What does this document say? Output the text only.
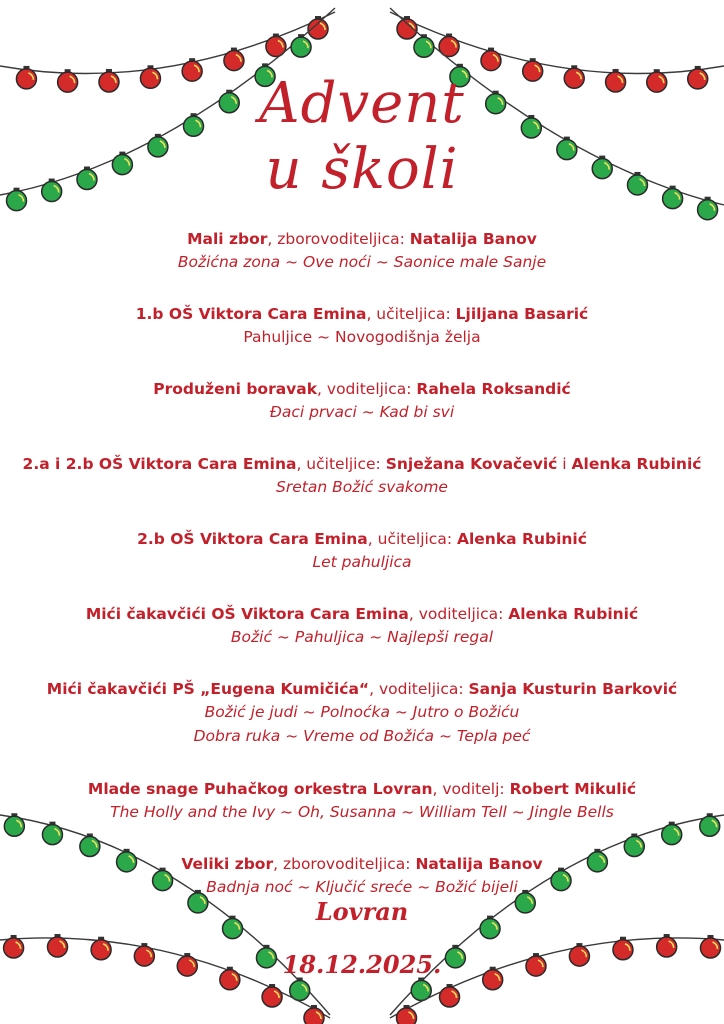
Advent
u školi
Mali zbor, zborovoditeljica: Natalija Banov
Božićna zona ~ Ove noći ~ Saonice male Sanje
1.b OŠ Viktora Cara Emina, učiteljica: Ljiljana Basarić
Pahuljice ~ Novogodišnja želja
Produženi boravak, voditeljica: Rahela Roksandić
Đaci prvaci ~ Kad bi svi
2.a i 2.b OŠ Viktora Cara Emina, učiteljice: Snježana Kovačević i Alenka Rubinić
Sretan Božić svakome
2.b OŠ Viktora Cara Emina, učiteljica: Alenka Rubinić
Let pahuljica
Mići čakavčići OŠ Viktora Cara Emina, voditeljica: Alenka Rubinić
Božić ~ Pahuljica ~ Najlepši regal
Mići čakavčići PŠ „Eugena Kumičića“, voditeljica: Sanja Kusturin Barković
Božić je judi ~ Polnoćka ~ Jutro o Božiću
Dobra ruka ~ Vreme od Božića ~ Tepla peć
Mlade snage Puhačkog orkestra Lovran, voditelj: Robert Mikulić
The Holly and the Ivy ~ Oh, Susanna ~ William Tell ~ Jingle Bells
Veliki zbor, zborovoditeljica: Natalija Banov
Badnja noć ~ Ključić sreće ~ Božić bijeli
Lovran
18.12.2025.
